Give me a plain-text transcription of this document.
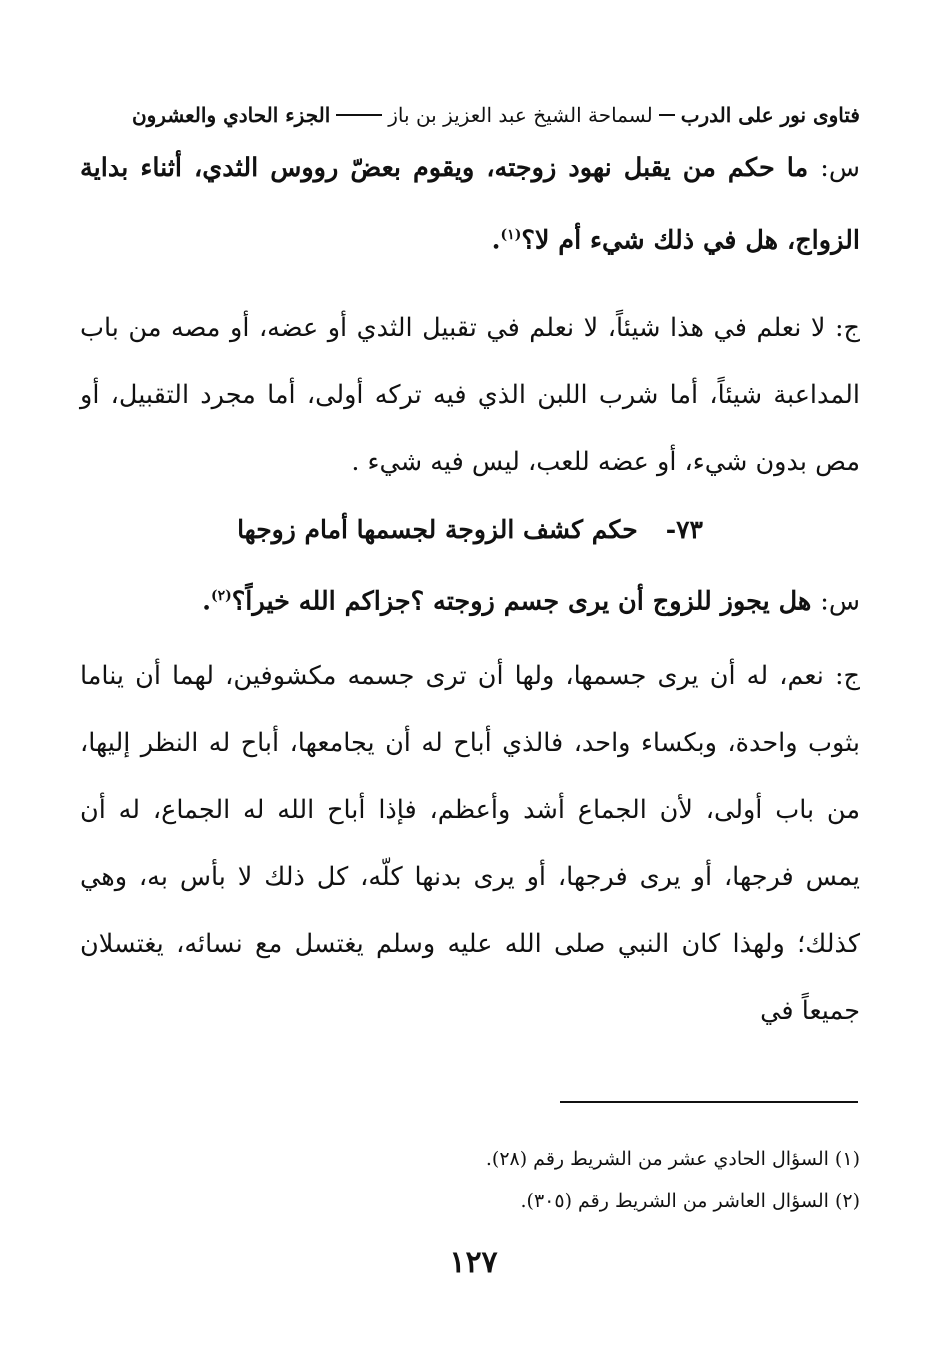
فتاوى نور على الدرب
لسماحة الشيخ عبد العزيز بن باز
الجزء الحادي والعشرون

س: ما حكم من يقبل نهود زوجته، ويقوم بعضّ رووس الثدي، أثناء بداية الزواج، هل في ذلك شيء أم لا؟$^{(١)}$.

ج: لا نعلم في هذا شيئاً، لا نعلم في تقبيل الثدي أو عضه، أو مصه من باب المداعبة شيئاً، أما شرب اللبن الذي فيه تركه أولى، أما مجرد التقبيل، أو مص بدون شيء، أو عضه للعب، ليس فيه شيء .

٧٣-حكم كشف الزوجة لجسمها أمام زوجها

س: هل يجوز للزوج أن يرى جسم زوجته ؟جزاكم الله خيراً؟$^{(٢)}$.

ج: نعم، له أن يرى جسمها، ولها أن ترى جسمه مكشوفين، لهما أن يناما بثوب واحدة، وبكساء واحد، فالذي أباح له أن يجامعها، أباح له النظر إليها، من باب أولى، لأن الجماع أشد وأعظم، فإذا أباح الله له الجماع، له أن يمس فرجها، أو يرى فرجها، أو يرى بدنها كلّه، كل ذلك لا بأس به، وهي كذلك؛ ولهذا كان النبي صلى الله عليه وسلم يغتسل مع نسائه، يغتسلان جميعاً في

(١) السؤال الحادي عشر من الشريط رقم (٢٨).
(٢) السؤال العاشر من الشريط رقم (٣٠٥).
١٢٧
